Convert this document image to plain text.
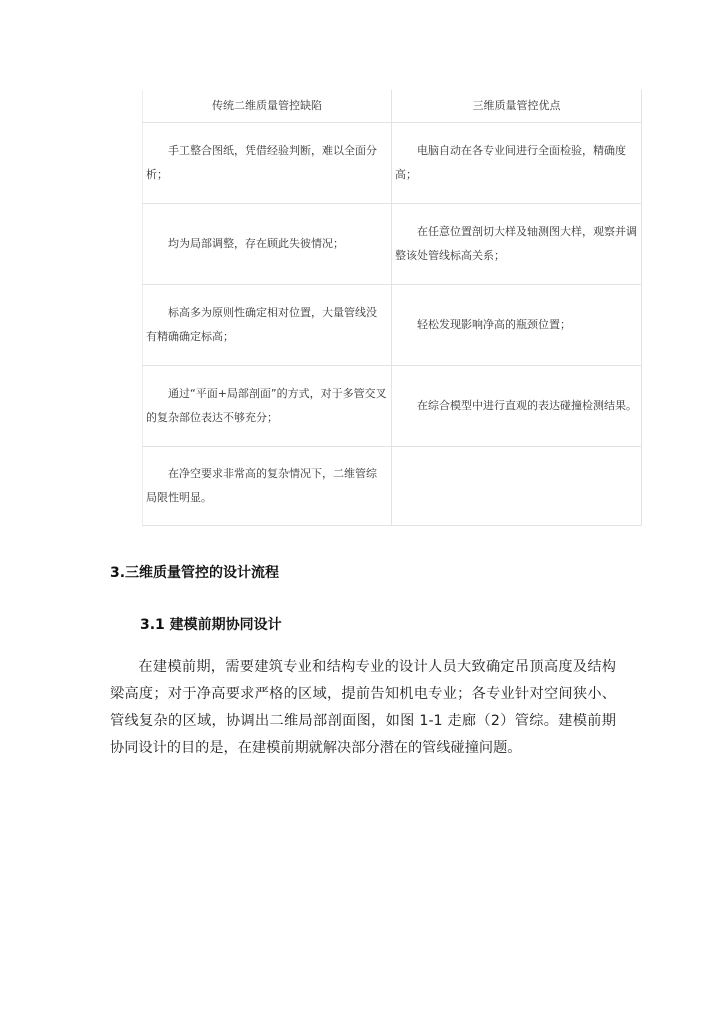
传统二维质量管控缺陷	三维质量管控优点
手工整合图纸，凭借经验判断，难以全面分析；	电脑自动在各专业间进行全面检验，精确度高；
均为局部调整，存在顾此失彼情况；	在任意位置剖切大样及轴测图大样，观察并调整该处管线标高关系；
标高多为原则性确定相对位置，大量管线没有精确确定标高；	轻松发现影响净高的瓶颈位置；
通过“平面+局部剖面”的方式，对于多管交叉的复杂部位表达不够充分；	在综合模型中进行直观的表达碰撞检测结果。
在净空要求非常高的复杂情况下，二维管综局限性明显。	
3.三维质量管控的设计流程
3.1 建模前期协同设计

在建模前期，需要建筑专业和结构专业的设计人员大致确定吊顶高度及结构梁高度；对于净高要求严格的区域，提前告知机电专业；各专业针对空间狭小、管线复杂的区域，协调出二维局部剖面图，如图 1-1 走廊（2）管综。建模前期协同设计的目的是，在建模前期就解决部分潜在的管线碰撞问题。
